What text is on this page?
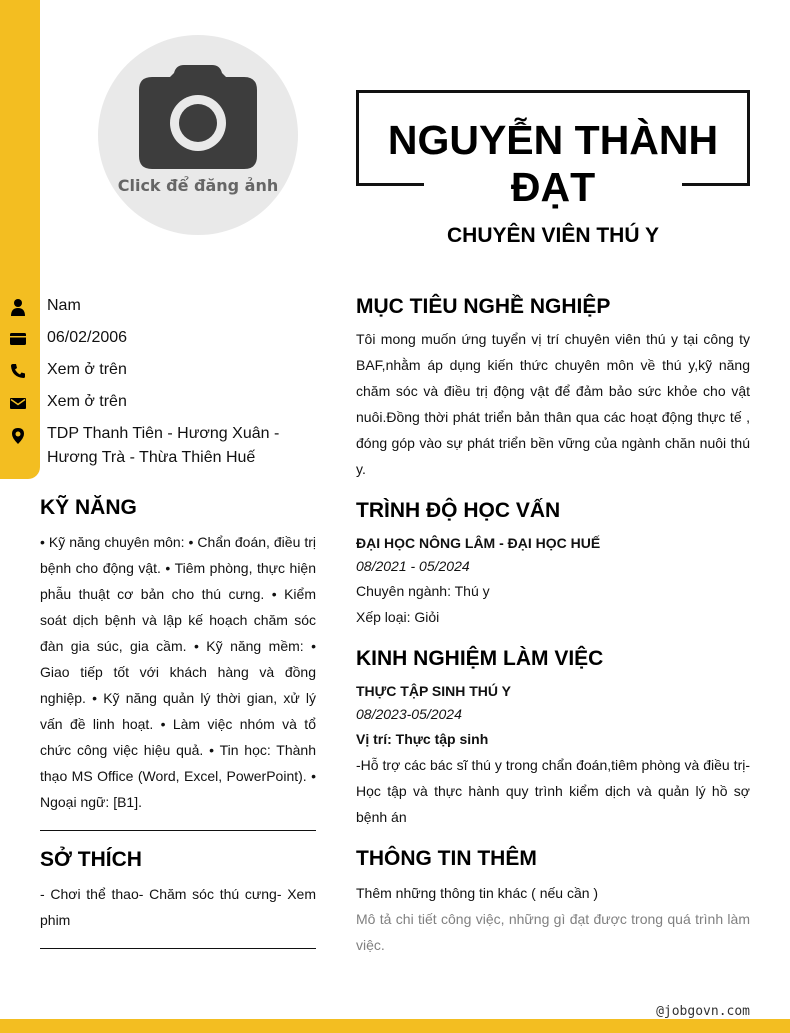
Click để đăng ảnh
NGUYỄN THÀNH ĐẠT
CHUYÊN VIÊN THÚ Y
Nam
06/02/2006
Xem ở trên
Xem ở trên
TDP Thanh Tiên - Hương Xuân - Hương Trà - Thừa Thiên Huế
KỸ NĂNG
• Kỹ năng chuyên môn: • Chẩn đoán, điều trị bệnh cho động vật. • Tiêm phòng, thực hiện phẫu thuật cơ bản cho thú cưng. • Kiểm soát dịch bệnh và lập kế hoạch chăm sóc đàn gia súc, gia cầm. • Kỹ năng mềm: • Giao tiếp tốt với khách hàng và đồng nghiệp. • Kỹ năng quản lý thời gian, xử lý vấn đề linh hoạt. • Làm việc nhóm và tổ chức công việc hiệu quả. • Tin học: Thành thạo MS Office (Word, Excel, PowerPoint). • Ngoại ngữ: [B1].
SỞ THÍCH
- Chơi thể thao- Chăm sóc thú cưng- Xem phim
MỤC TIÊU NGHỀ NGHIỆP
Tôi mong muốn ứng tuyển vị trí chuyên viên thú y tại công ty BAF,nhằm áp dụng kiến thức chuyên môn về thú y,kỹ năng chăm sóc và điều trị động vật để đảm bảo sức khỏe cho vật nuôi.Đồng thời phát triển bản thân qua các hoạt động thực tế , đóng góp vào sự phát triển bền vững của ngành chăn nuôi thú y.
TRÌNH ĐỘ HỌC VẤN
ĐẠI HỌC NÔNG LÂM - ĐẠI HỌC HUẾ
08/2021 - 05/2024
Chuyên ngành: Thú y
Xếp loại: Giỏi
KINH NGHIỆM LÀM VIỆC
THỰC TẬP SINH THÚ Y
08/2023-05/2024
Vị trí: Thực tập sinh
-Hỗ trợ các bác sĩ thú y trong chẩn đoán,tiêm phòng và điều trị-Học tập và thực hành quy trình kiểm dịch và quản lý hồ sợ bệnh án
THÔNG TIN THÊM
Thêm những thông tin khác ( nếu cần )
Mô tả chi tiết công việc, những gì đạt được trong quá trình làm việc.
@jobgovn.com
